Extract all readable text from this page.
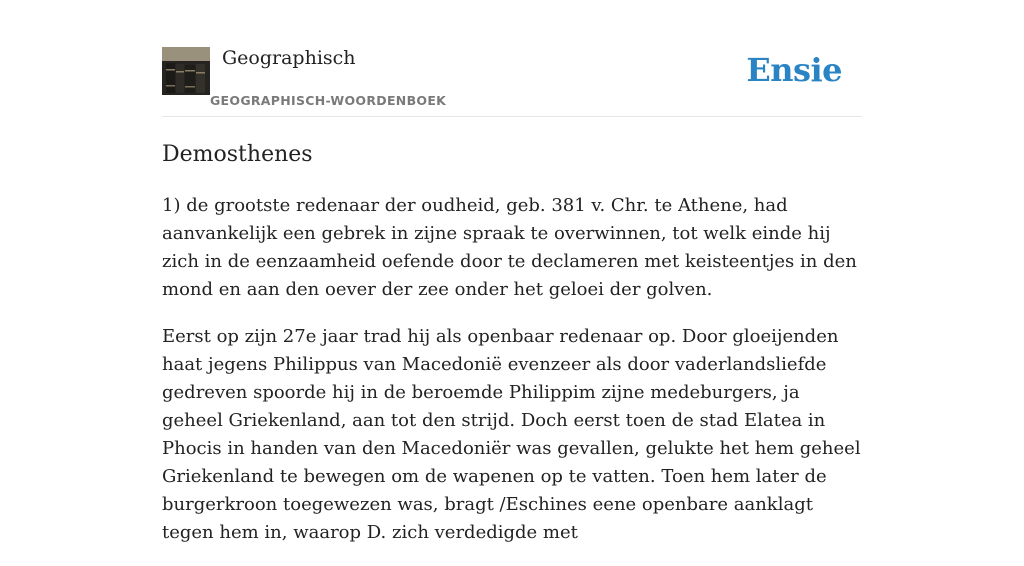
Geographisch
GEOGRAPHISCH-WOORDENBOEK
Ensie
Demosthenes

1) de grootste redenaar der oudheid, geb. 381 v. Chr. te Athene, had aanvankelijk een gebrek in zijne spraak te overwinnen, tot welk einde hij zich in de eenzaamheid oefende door te declameren met keisteentjes in den mond en aan den oever der zee onder het geloei der golven.

Eerst op zijn 27e jaar trad hij als openbaar redenaar op. Door gloeijenden haat jegens Philippus van Macedonië evenzeer als door vaderlandsliefde gedreven spoorde hij in de beroemde Philippim zijne medeburgers, ja geheel Griekenland, aan tot den strijd. Doch eerst toen de stad Elatea in Phocis in handen van den Macedoniër was gevallen, gelukte het hem geheel Griekenland te bewegen om de wapenen op te vatten. Toen hem later de burgerkroon toegewezen was, bragt /Eschines eene openbare aanklagt tegen hem in, waarop D. zich verdedigde met
